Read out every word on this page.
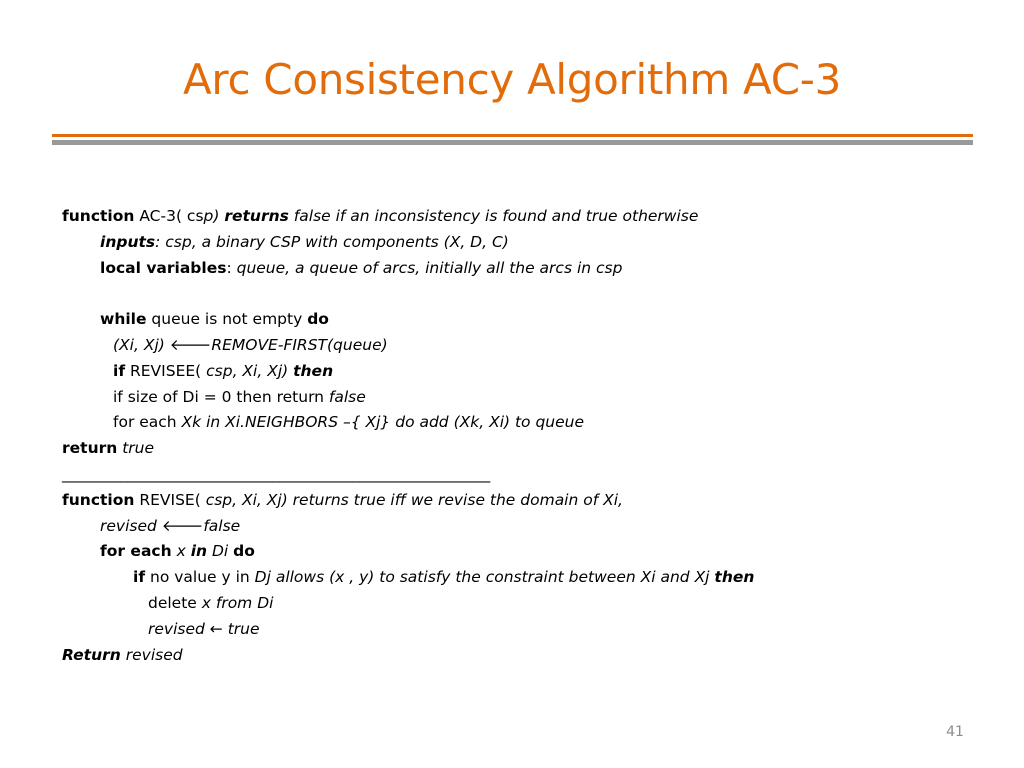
Arc Consistency Algorithm AC-3
function AC-3( csp) returns false if an inconsistency is found and true otherwise
inputs: csp, a binary CSP with components (X, D, C)
local variables: queue, a queue of arcs, initially all the arcs in csp
while queue is not empty do
(Xi, Xj) 🡐REMOVE-FIRST(queue)
if REVISEE( csp, Xi, Xj) then
if size of Di = 0 then return false
for each Xk in Xi.NEIGHBORS –{ Xj} do add (Xk, Xi) to queue
return true
___________________________________________________________
function REVISE( csp, Xi, Xj) returns true iff we revise the domain of Xi,
revised 🡐false
for each x in Di do
if no value y in Dj allows (x , y) to satisfy the constraint between Xi and Xj then
delete x from Di
revised ← true
Return revised
41
